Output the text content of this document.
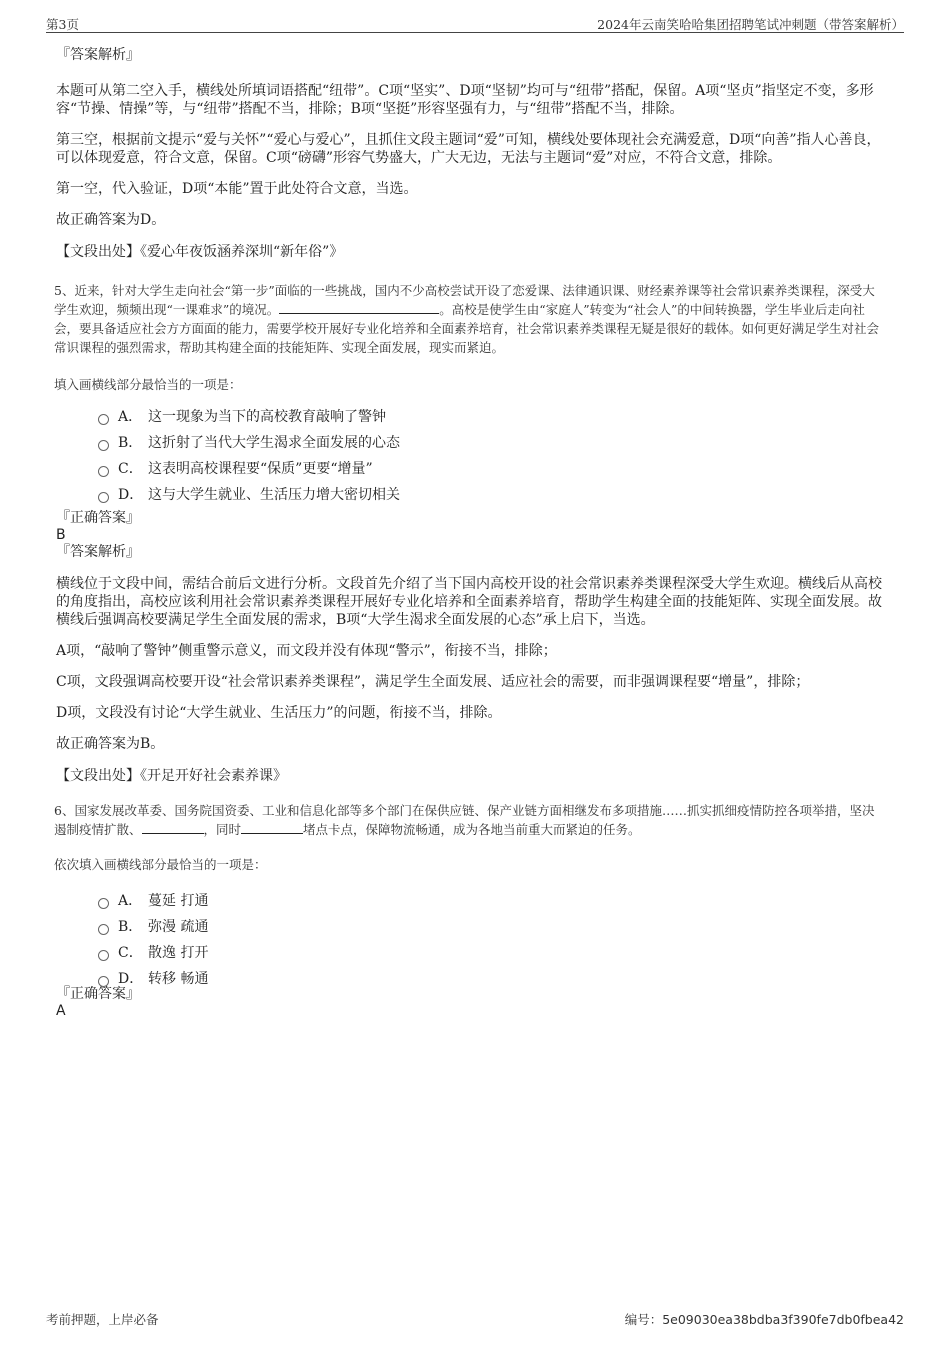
第3页	2024年云南笑哈哈集团招聘笔试冲刺题（带答案解析）

『答案解析』

本题可从第二空入手，横线处所填词语搭配“纽带”。C项“坚实”、D项“坚韧”均可与“纽带”搭配，保留。A项“坚贞”指坚定不变，多形容“节操、情操”等，与“纽带”搭配不当，排除；B项“坚挺”形容坚强有力，与“纽带”搭配不当，排除。

第三空，根据前文提示“爱与关怀”“爱心与爱心”，且抓住文段主题词“爱”可知，横线处要体现社会充满爱意，D项“向善”指人心善良，可以体现爱意，符合文意，保留。C项“磅礴”形容气势盛大，广大无边，无法与主题词“爱”对应，不符合文意，排除。

第一空，代入验证，D项“本能”置于此处符合文意，当选。

故正确答案为D。

【文段出处】《爱心年夜饭涵养深圳“新年俗”》

5、近来，针对大学生走向社会“第一步”面临的一些挑战，国内不少高校尝试开设了恋爱课、法律通识课、财经素养课等社会常识素养类课程，深受大学生欢迎，频频出现“一课难求”的境况。	。高校是使学生由“家庭人”转变为“社会人”的中间转换器，学生毕业后走向社会，要具备适应社会方方面面的能力，需要学校开展好专业化培养和全面素养培育，社会常识素养类课程无疑是很好的载体。如何更好满足学生对社会常识课程的强烈需求，帮助其构建全面的技能矩阵、实现全面发展，现实而紧迫。

填入画横线部分最恰当的一项是：

A． 这一现象为当下的高校教育敲响了警钟
B． 这折射了当代大学生渴求全面发展的心态
C． 这表明高校课程要“保质”更要“增量”
D． 这与大学生就业、生活压力增大密切相关

『正确答案』

B

『答案解析』

横线位于文段中间，需结合前后文进行分析。文段首先介绍了当下国内高校开设的社会常识素养类课程深受大学生欢迎。横线后从高校的角度指出，高校应该利用社会常识素养类课程开展好专业化培养和全面素养培育，帮助学生构建全面的技能矩阵、实现全面发展。故横线后强调高校要满足学生全面发展的需求，B项“大学生渴求全面发展的心态”承上启下，当选。

A项，“敲响了警钟”侧重警示意义，而文段并没有体现“警示”，衔接不当，排除；

C项，文段强调高校要开设“社会常识素养类课程”，满足学生全面发展、适应社会的需要，而非强调课程要“增量”，排除；

D项，文段没有讨论“大学生就业、生活压力”的问题，衔接不当，排除。

故正确答案为B。

【文段出处】《开足开好社会素养课》

6、国家发展改革委、国务院国资委、工业和信息化部等多个部门在保供应链、保产业链方面相继发布多项措施……抓实抓细疫情防控各项举措，坚决遏制疫情扩散、	，同时	堵点卡点，保障物流畅通，成为各地当前重大而紧迫的任务。

依次填入画横线部分最恰当的一项是：

A． 蔓延 打通
B． 弥漫 疏通
C． 散逸 打开
D． 转移 畅通

『正确答案』

A

考前押题，上岸必备	编号：5e09030ea38bdba3f390fe7db0fbea42
